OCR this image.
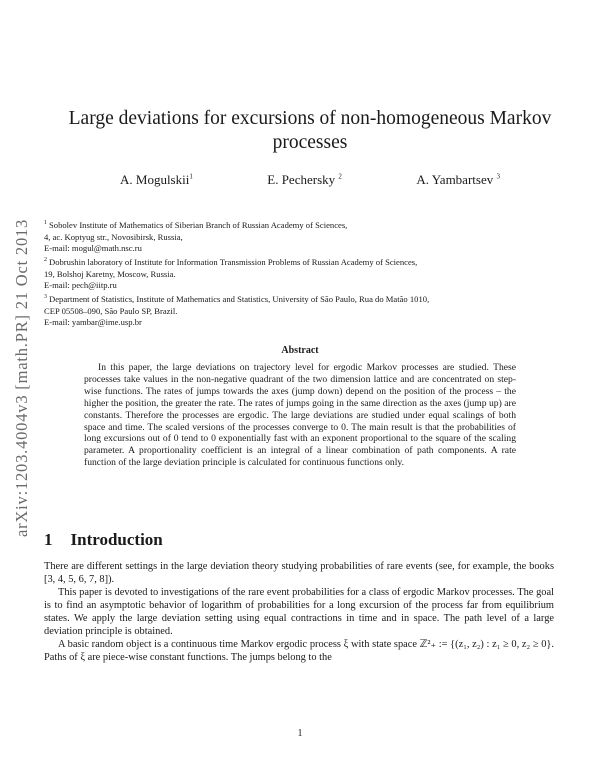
arXiv:1203.4004v3 [math.PR] 21 Oct 2013
Large deviations for excursions of non-homogeneous Markov processes
A. Mogulskii$^1$	E. Pechersky $^2$	A. Yambartsev $^3$
$^1$ Sobolev Institute of Mathematics of Siberian Branch of Russian Academy of Sciences,
4, ac. Koptyug str., Novosibirsk, Russia,
E-mail: mogul@math.nsc.ru
$^2$ Dobrushin laboratory of Institute for Information Transmission Problems of Russian Academy of Sciences,
19, Bolshoj Karetny, Moscow, Russia.
E-mail: pech@iitp.ru
$^3$ Department of Statistics, Institute of Mathematics and Statistics, University of São Paulo, Rua do Matão 1010,
CEP 05508–090, São Paulo SP, Brazil.
E-mail: yambar@ime.usp.br
Abstract
In this paper, the large deviations on trajectory level for ergodic Markov processes are studied. These processes take values in the non-negative quadrant of the two dimension lattice and are concentrated on step-wise functions. The rates of jumps towards the axes (jump down) depend on the position of the process – the higher the position, the greater the rate. The rates of jumps going in the same direction as the axes (jump up) are constants. Therefore the processes are ergodic. The large deviations are studied under equal scalings of both space and time. The scaled versions of the processes converge to 0. The main result is that the probabilities of long excursions out of 0 tend to 0 exponentially fast with an exponent proportional to the square of the scaling parameter. A proportionality coefficient is an integral of a linear combination of path components. A rate function of the large deviation principle is calculated for continuous functions only.
1 Introduction

There are different settings in the large deviation theory studying probabilities of rare events (see, for example, the books [3, 4, 5, 6, 7, 8]).

This paper is devoted to investigations of the rare event probabilities for a class of ergodic Markov processes. The goal is to find an asymptotic behavior of logarithm of probabilities for a long excursion of the process far from equilibrium states. We apply the large deviation setting using equal contractions in time and in space. The path level of a large deviation principle is obtained.

A basic random object is a continuous time Markov ergodic process ξ with state space ℤ²₊ := {(z₁, z₂) : z₁ ≥ 0, z₂ ≥ 0}. Paths of ξ are piece-wise constant functions. The jumps belong to the

1
